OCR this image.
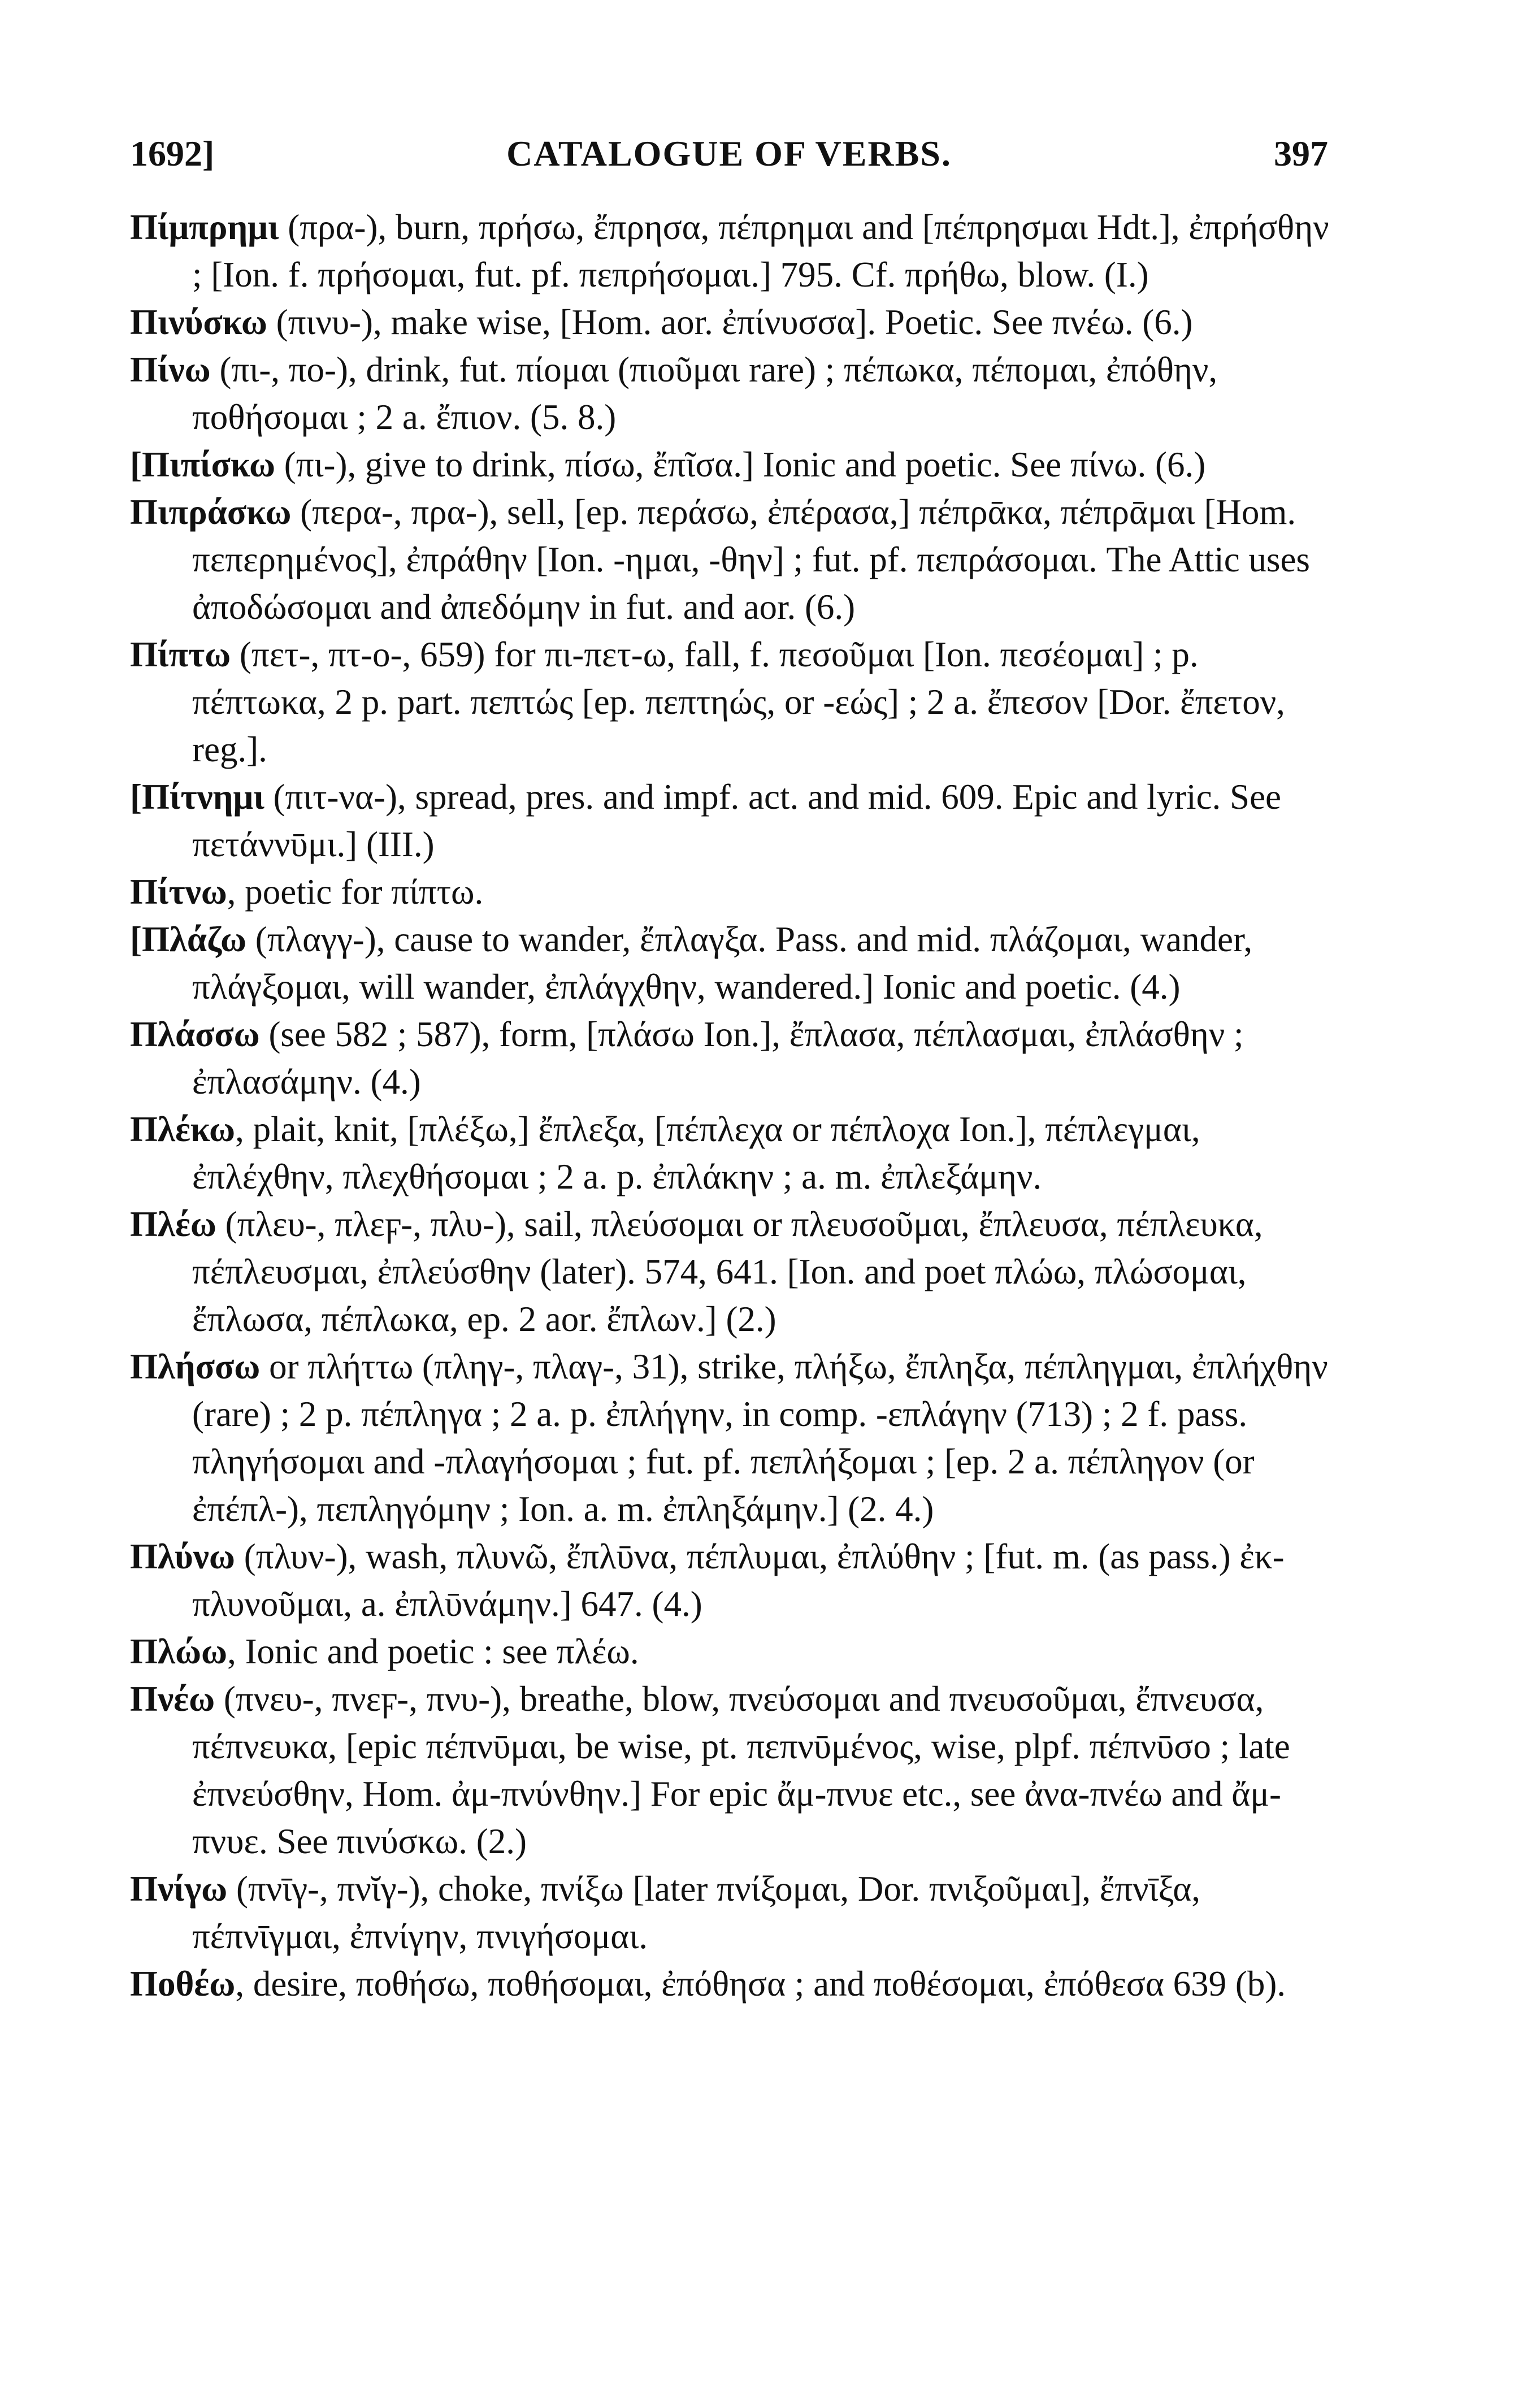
1692]	CATALOGUE OF VERBS.	397

Πίμπρημι (πρα-), burn, πρήσω, ἔπρησα, πέπρημαι and [πέπρησμαι Hdt.], ἐπρήσθην ; [Ion. f. πρήσομαι, fut. pf. πεπρήσομαι.] 795. Cf. πρήθω, blow. (I.)

Πινύσκω (πινυ-), make wise, [Hom. aor. ἐπίνυσσα]. Poetic. See πνέω. (6.)

Πίνω (πι-, πο-), drink, fut. πίομαι (πιοῦμαι rare) ; πέπωκα, πέπομαι, ἐπόθην, ποθήσομαι ; 2 a. ἔπιον. (5. 8.)

[Πιπίσκω (πι-), give to drink, πίσω, ἔπῖσα.] Ionic and poetic. See πίνω. (6.)

Πιπράσκω (περα-, πρα-), sell, [ep. περάσω, ἐπέρασα,] πέπρᾱκα, πέπρᾱμαι [Hom. πεπερημένος], ἐπράθην [Ion. -ημαι, -θην] ; fut. pf. πεπράσομαι. The Attic uses ἀποδώσομαι and ἀπεδόμην in fut. and aor. (6.)

Πίπτω (πετ-, πτ-ο-, 659) for πι-πετ-ω, fall, f. πεσοῦμαι [Ion. πεσέομαι] ; p. πέπτωκα, 2 p. part. πεπτώς [ep. πεπτηώς, or -εώς] ; 2 a. ἔπεσον [Dor. ἔπετον, reg.].

[Πίτνημι (πιτ-να-), spread, pres. and impf. act. and mid. 609. Epic and lyric. See πετάννῡμι.] (III.)

Πίτνω, poetic for πίπτω.

[Πλάζω (πλαγγ-), cause to wander, ἔπλαγξα. Pass. and mid. πλάζομαι, wander, πλάγξομαι, will wander, ἐπλάγχθην, wandered.] Ionic and poetic. (4.)

Πλάσσω (see 582 ; 587), form, [πλάσω Ion.], ἔπλασα, πέπλασμαι, ἐπλάσθην ; ἐπλασάμην. (4.)

Πλέκω, plait, knit, [πλέξω,] ἔπλεξα, [πέπλεχα or πέπλοχα Ion.], πέπλεγμαι, ἐπλέχθην, πλεχθήσομαι ; 2 a. p. ἐπλάκην ; a. m. ἐπλεξάμην.

Πλέω (πλευ-, πλεϝ-, πλυ-), sail, πλεύσομαι or πλευσοῦμαι, ἔπλευσα, πέπλευκα, πέπλευσμαι, ἐπλεύσθην (later). 574, 641. [Ion. and poet πλώω, πλώσομαι, ἔπλωσα, πέπλωκα, ep. 2 aor. ἔπλων.] (2.)

Πλήσσω or πλήττω (πληγ-, πλαγ-, 31), strike, πλήξω, ἔπληξα, πέπληγμαι, ἐπλήχθην (rare) ; 2 p. πέπληγα ; 2 a. p. ἐπλήγην, in comp. -επλάγην (713) ; 2 f. pass. πληγήσομαι and -πλαγήσομαι ; fut. pf. πεπλήξομαι ; [ep. 2 a. πέπληγον (or ἐπέπλ-), πεπληγόμην ; Ion. a. m. ἐπληξάμην.] (2. 4.)

Πλύνω (πλυν-), wash, πλυνῶ, ἔπλῡνα, πέπλυμαι, ἐπλύθην ; [fut. m. (as pass.) ἐκ-πλυνοῦμαι, a. ἐπλῡνάμην.] 647. (4.)

Πλώω, Ionic and poetic : see πλέω.

Πνέω (πνευ-, πνεϝ-, πνυ-), breathe, blow, πνεύσομαι and πνευσοῦμαι, ἔπνευσα, πέπνευκα, [epic πέπνῡμαι, be wise, pt. πεπνῡμένος, wise, plpf. πέπνῡσο ; late ἐπνεύσθην, Hom. ἀμ-πνύνθην.] For epic ἄμ-πνυε etc., see ἀνα-πνέω and ἄμ-πνυε. See πινύσκω. (2.)

Πνίγω (πνῑγ-, πνῐγ-), choke, πνίξω [later πνίξομαι, Dor. πνιξοῦμαι], ἔπνῑξα, πέπνῑγμαι, ἐπνίγην, πνιγήσομαι.

Ποθέω, desire, ποθήσω, ποθήσομαι, ἐπόθησα ; and ποθέσομαι, ἐπόθεσα 639 (b).
